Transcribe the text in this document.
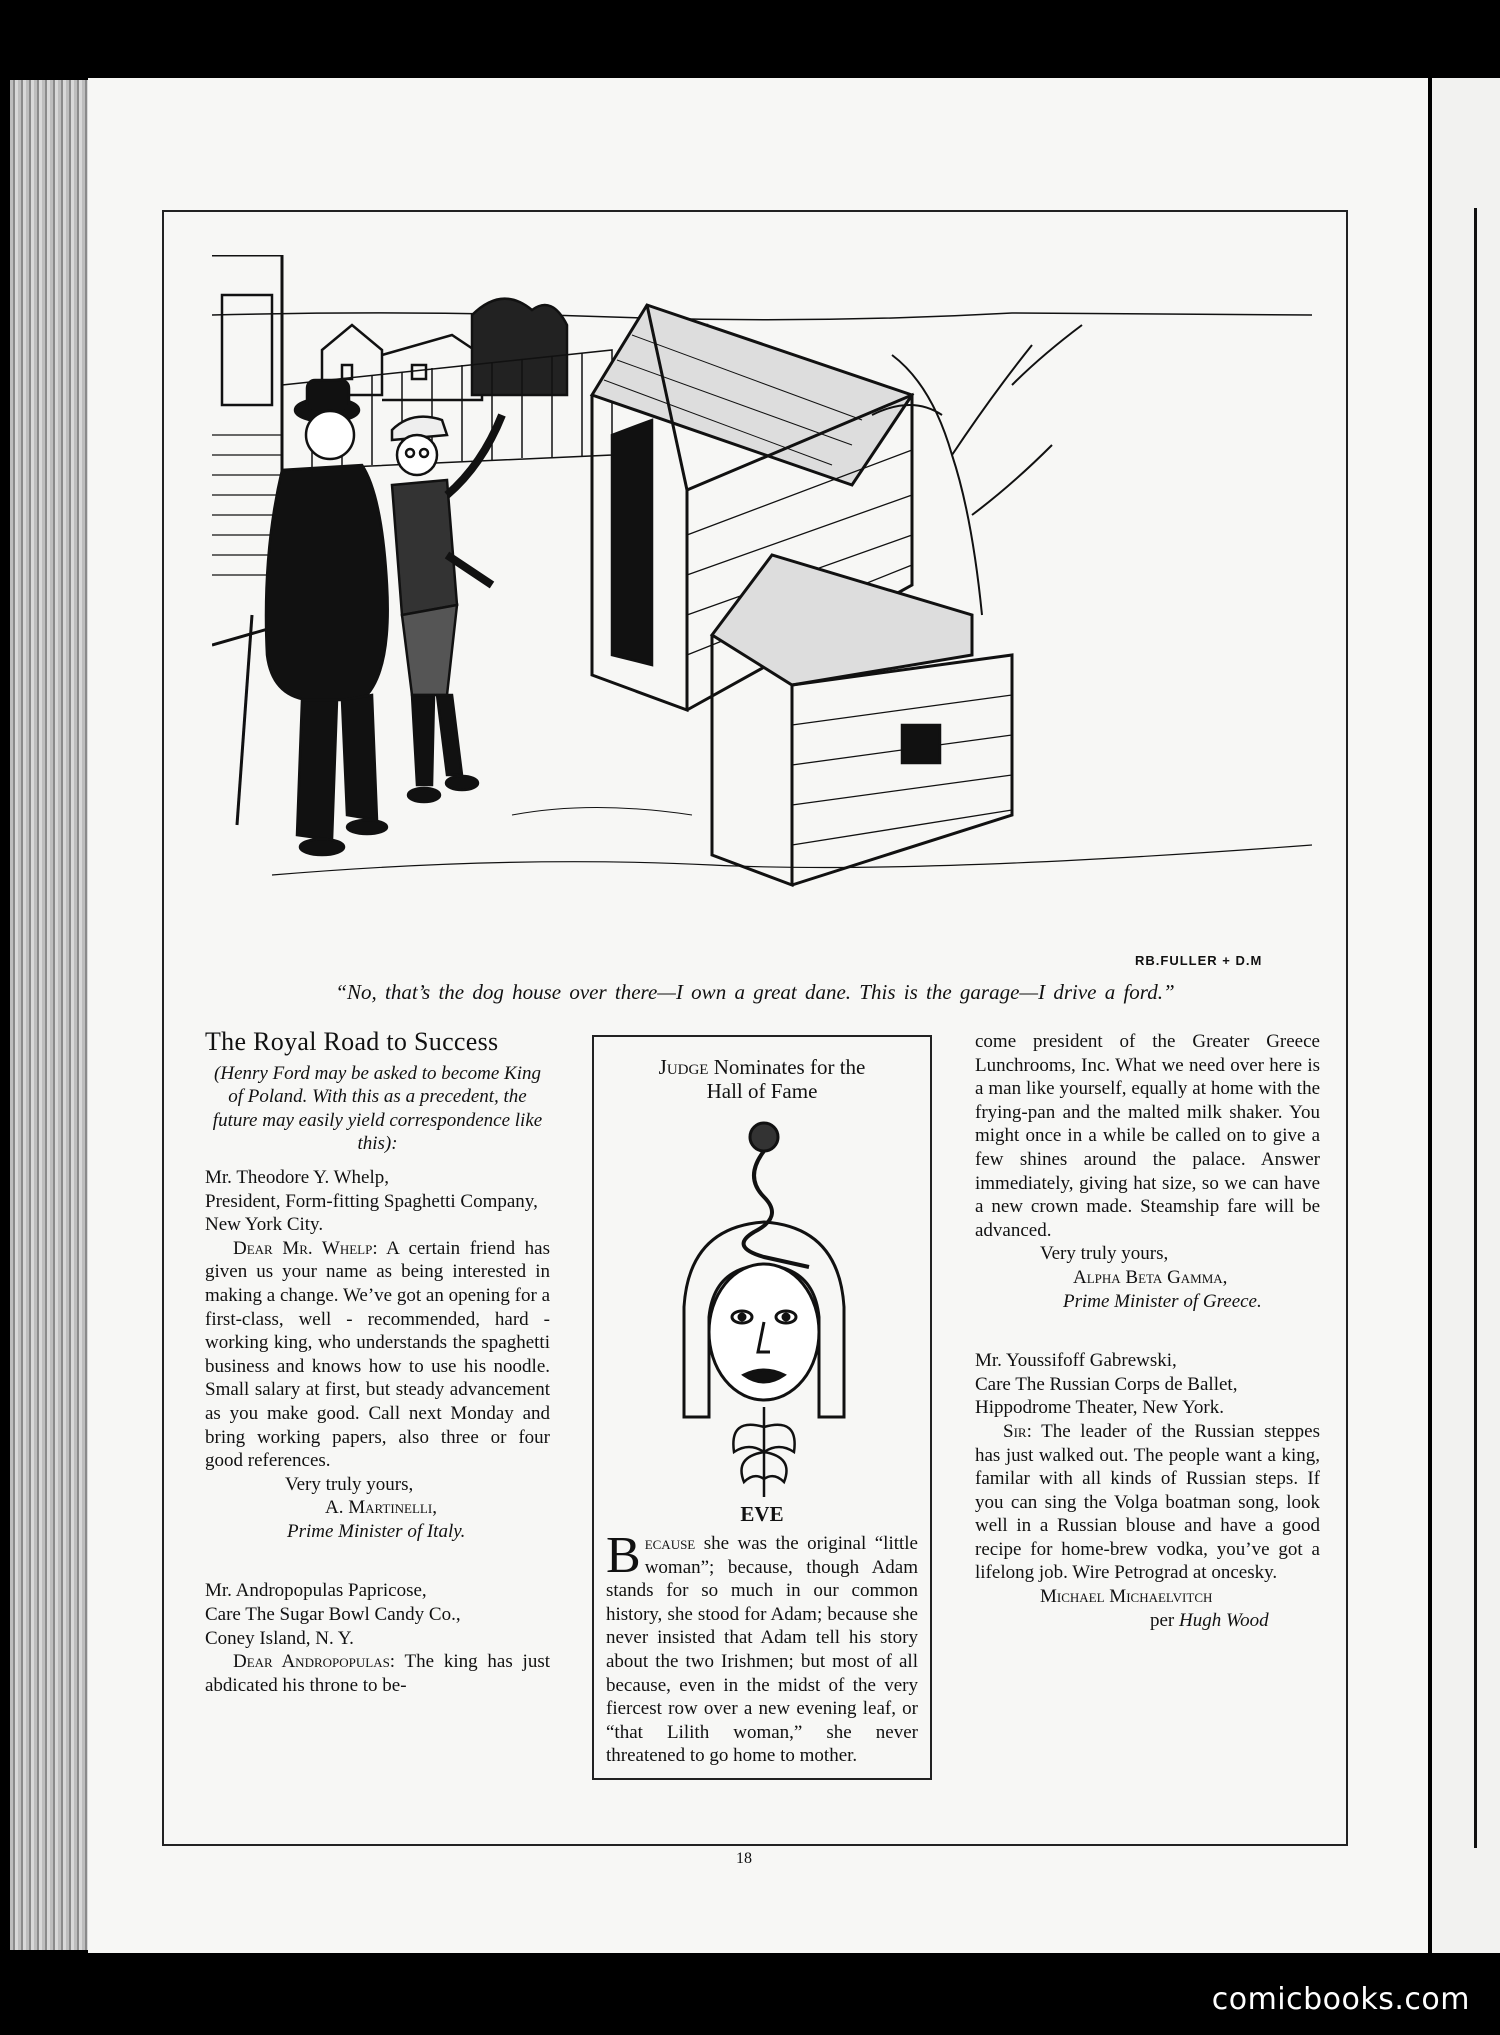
RB.FULLER + D.M
“No, that’s the dog house over there—I own a great dane. This is the garage—I drive a ford.”

The Royal Road to Success

(Henry Ford may be asked to become King of Poland. With this as a precedent, the future may easily yield correspondence like this):

Mr. Theodore Y. Whelp,

President, Form-fitting Spaghetti Company,

New York City.

Dear Mr. Whelp: A certain friend has given us your name as being interested in making a change. We’ve got an opening for a first-class, well - recommended, hard - working king, who understands the spaghetti business and knows how to use his noodle. Small salary at first, but steady advancement as you make good. Call next Monday and bring working papers, also three or four good references.

Very truly yours,

A. Martinelli,

Prime Minister of Italy.

Mr. Andropopulas Papricose,

Care The Sugar Bowl Candy Co.,

Coney Island, N. Y.

Dear Andropopulas: The king has just abdicated his throne to be-

Judge Nominates for the
Hall of Fame
EVE
Because she was the original “little woman”; because, though Adam stands for so much in our common history, she stood for Adam; because she never insisted that Adam tell his story about the two Irishmen; but most of all because, even in the midst of the very fiercest row over a new evening leaf, or “that Lilith woman,” she never threatened to go home to mother.

come president of the Greater Greece Lunchrooms, Inc. What we need over here is a man like yourself, equally at home with the frying-pan and the malted milk shaker. You might once in a while be called on to give a few shines around the palace. Answer immediately, giving hat size, so we can have a new crown made. Steamship fare will be advanced.

Very truly yours,

Alpha Beta Gamma,

Prime Minister of Greece.

Mr. Youssifoff Gabrewski,

Care The Russian Corps de Ballet,

Hippodrome Theater, New York.

Sir: The leader of the Russian steppes has just walked out. The people want a king, familar with all kinds of Russian steps. If you can sing the Volga boatman song, look well in a Russian blouse and have a good recipe for home-brew vodka, you’ve got a lifelong job. Wire Petrograd at oncesky.

Michael Michaelvitch

per Hugh Wood

18
comicbooks.com
